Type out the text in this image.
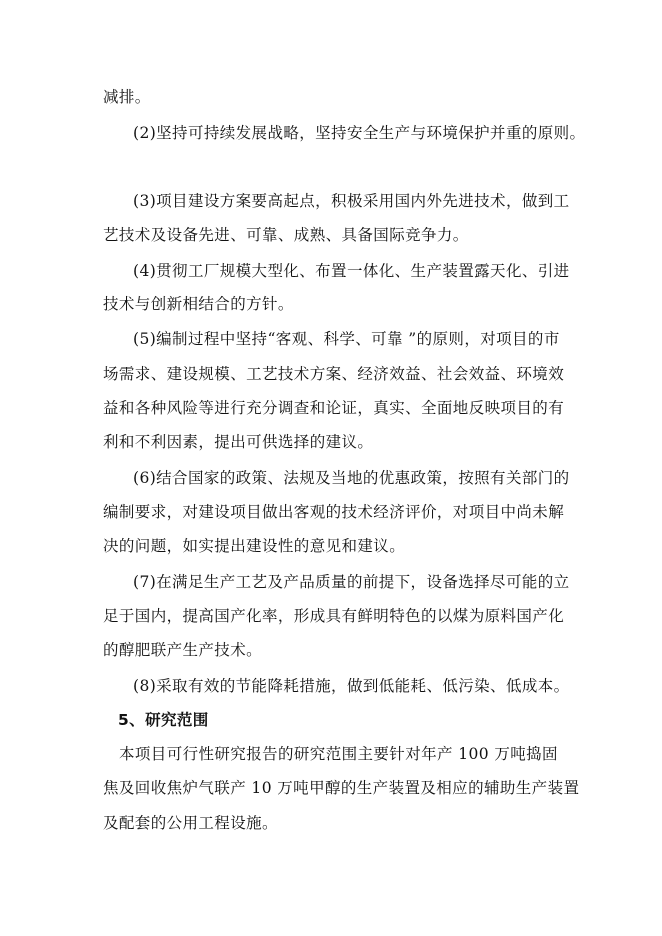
减排。
(2)坚持可持续发展战略，坚持安全生产与环境保护并重的原则。
(3)项目建设方案要高起点，积极采用国内外先进技术，做到工
艺技术及设备先进、可靠、成熟、具备国际竞争力。
(4)贯彻工厂规模大型化、布置一体化、生产装置露天化、引进
技术与创新相结合的方针。
(5)编制过程中坚持“客观、科学、可靠 ”的原则，对项目的市
场需求、建设规模、工艺技术方案、经济效益、社会效益、环境效
益和各种风险等进行充分调查和论证，真实、全面地反映项目的有
利和不利因素，提出可供选择的建议。
(6)结合国家的政策、法规及当地的优惠政策，按照有关部门的
编制要求，对建设项目做出客观的技术经济评价，对项目中尚未解
决的问题，如实提出建设性的意见和建议。
(7)在满足生产工艺及产品质量的前提下，设备选择尽可能的立
足于国内，提高国产化率，形成具有鲜明特色的以煤为原料国产化
的醇肥联产生产技术。
(8)采取有效的节能降耗措施，做到低能耗、低污染、低成本。
5、研究范围
本项目可行性研究报告的研究范围主要针对年产 100 万吨捣固
焦及回收焦炉气联产 10 万吨甲醇的生产装置及相应的辅助生产装置
及配套的公用工程设施。
